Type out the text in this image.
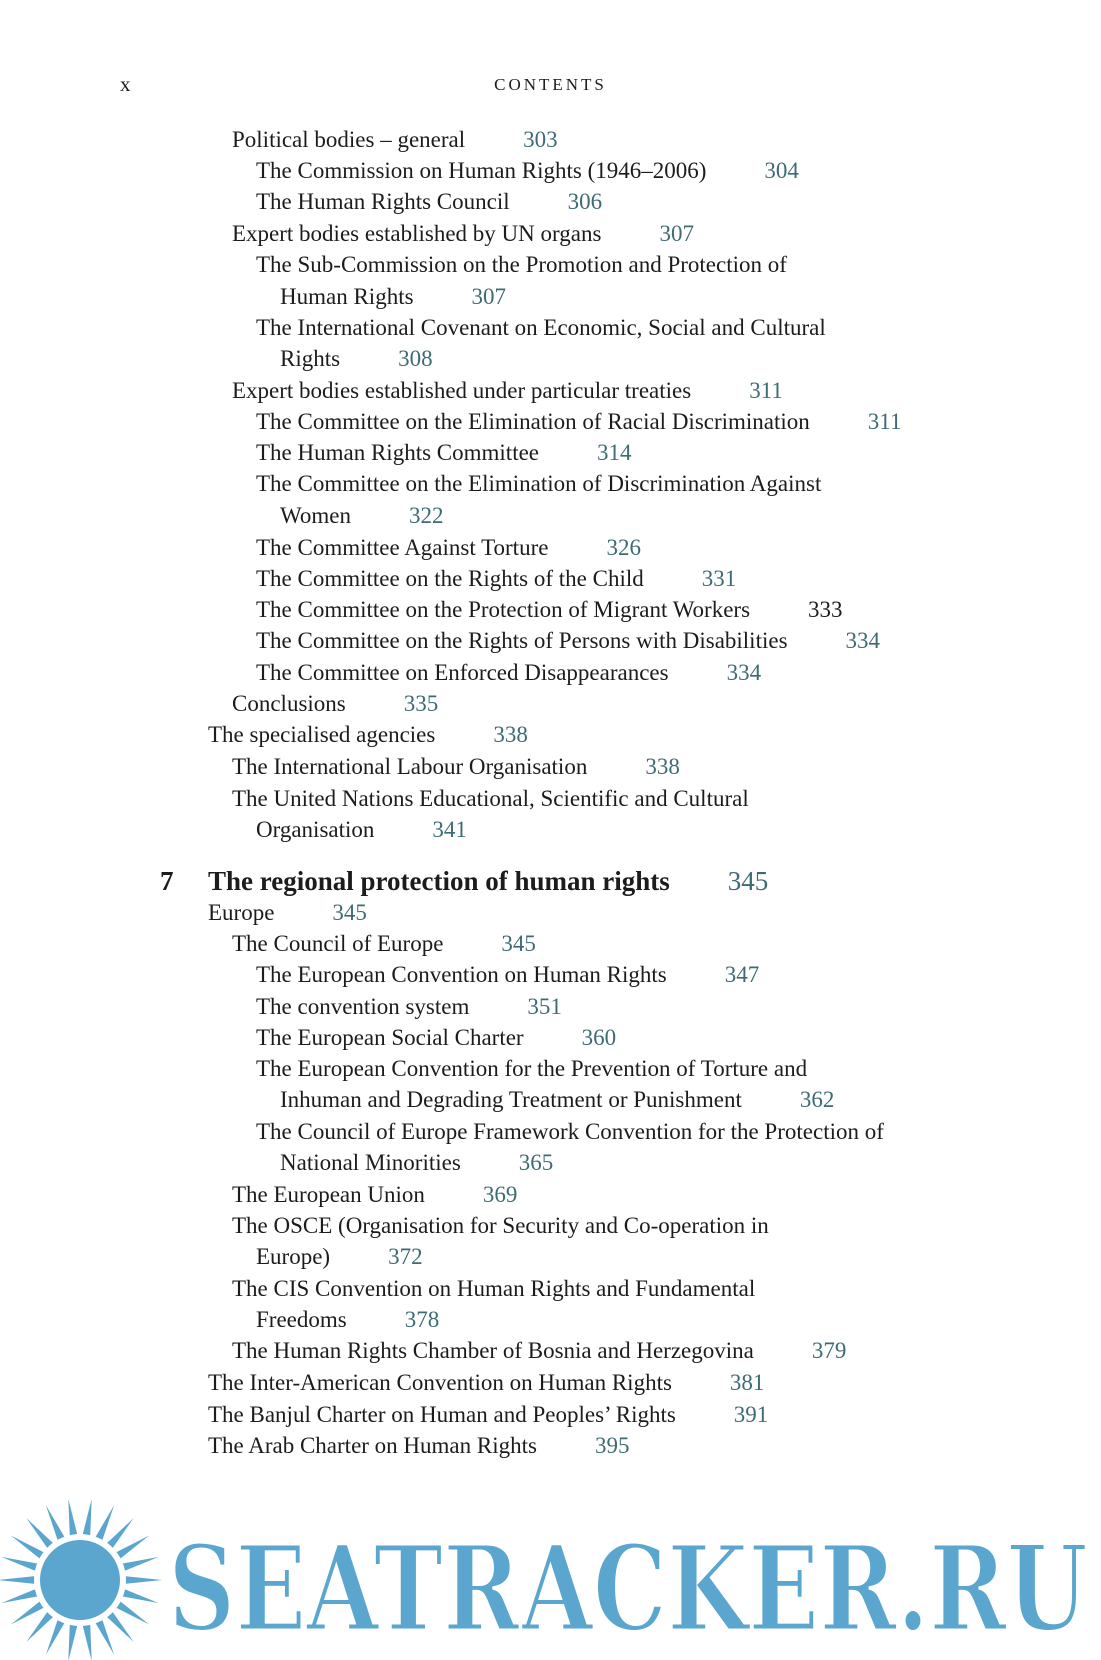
x	CONTENTS
Political bodies – general	303
The Commission on Human Rights (1946–2006)	304
The Human Rights Council	306
Expert bodies established by UN organs	307
The Sub-Commission on the Promotion and Protection of
Human Rights	307
The International Covenant on Economic, Social and Cultural
Rights	308
Expert bodies established under particular treaties	311
The Committee on the Elimination of Racial Discrimination	311
The Human Rights Committee	314
The Committee on the Elimination of Discrimination Against
Women	322
The Committee Against Torture	326
The Committee on the Rights of the Child	331
The Committee on the Protection of Migrant Workers	333
The Committee on the Rights of Persons with Disabilities	334
The Committee on Enforced Disappearances	334
Conclusions	335
The specialised agencies	338
The International Labour Organisation	338
The United Nations Educational, Scientific and Cultural
Organisation	341
7 The regional protection of human rights 345
Europe	345
The Council of Europe	345
The European Convention on Human Rights	347
The convention system	351
The European Social Charter	360
The European Convention for the Prevention of Torture and
Inhuman and Degrading Treatment or Punishment	362
The Council of Europe Framework Convention for the Protection of
National Minorities	365
The European Union	369
The OSCE (Organisation for Security and Co-operation in
Europe)	372
The CIS Convention on Human Rights and Fundamental
Freedoms	378
The Human Rights Chamber of Bosnia and Herzegovina	379
The Inter-American Convention on Human Rights	381
The Banjul Charter on Human and Peoples’ Rights	391
The Arab Charter on Human Rights	395
SEATRACKER.RU
